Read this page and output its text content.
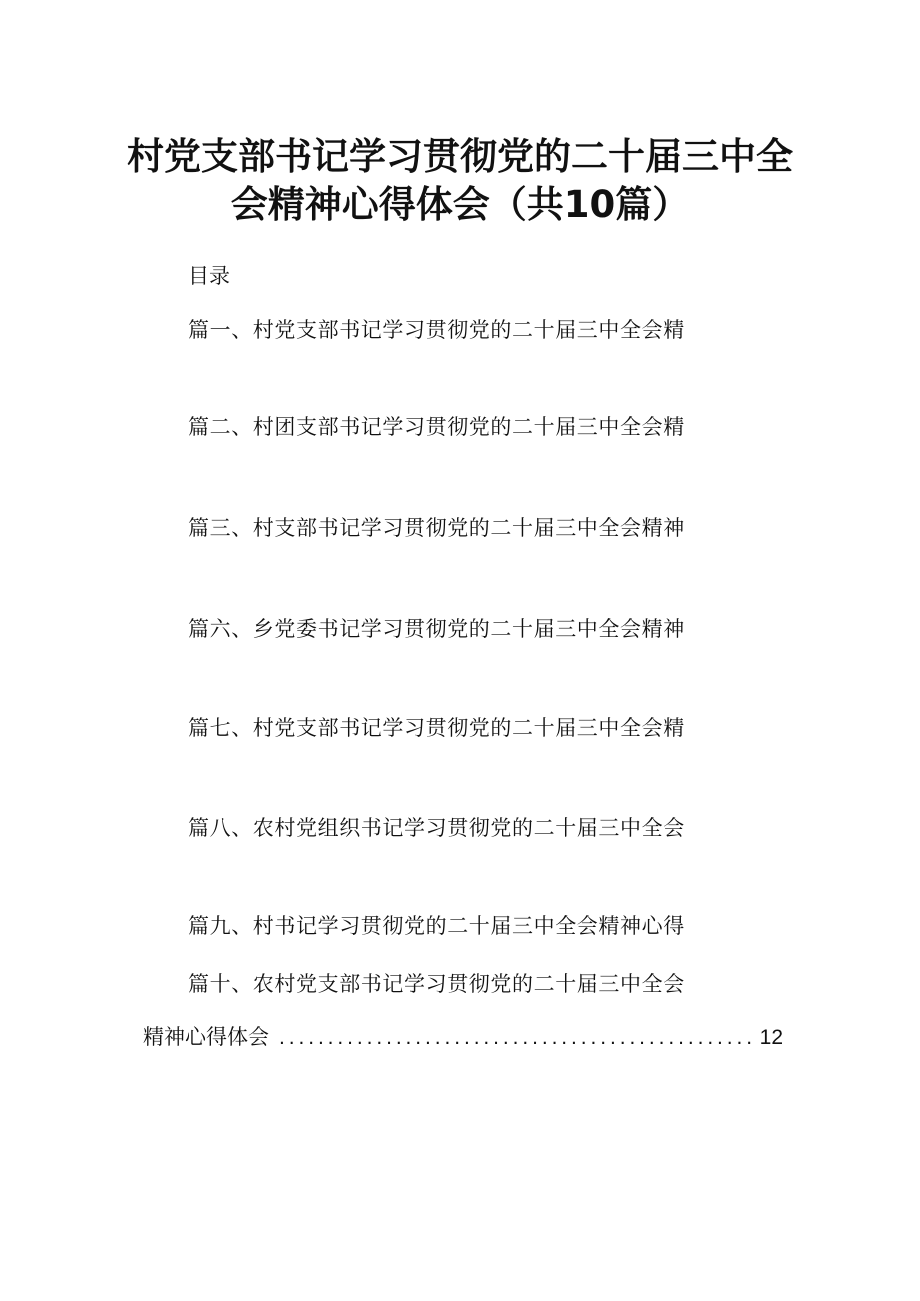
村党支部书记学习贯彻党的二十届三中全
会精神心得体会（共10篇）
目录
篇一、村党支部书记学习贯彻党的二十届三中全会精
篇二、村团支部书记学习贯彻党的二十届三中全会精
篇三、村支部书记学习贯彻党的二十届三中全会精神
篇六、乡党委书记学习贯彻党的二十届三中全会精神
篇七、村党支部书记学习贯彻党的二十届三中全会精
篇八、农村党组织书记学习贯彻党的二十届三中全会
篇九、村书记学习贯彻党的二十届三中全会精神心得
篇十、农村党支部书记学习贯彻党的二十届三中全会
精神心得体会
.....	12
